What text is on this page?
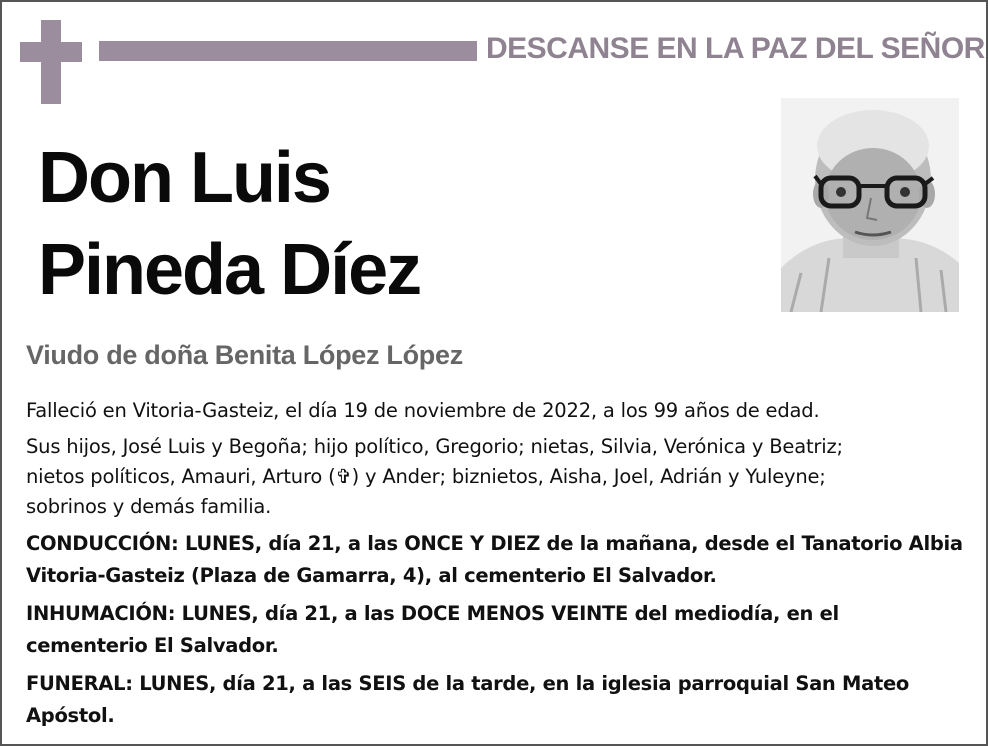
DESCANSE EN LA PAZ DEL SEÑOR
Don Luis
Pineda Díez
Viudo de doña Benita López López

Falleció en Vitoria-Gasteiz, el día 19 de noviembre de 2022, a los 99 años de edad.

Sus hijos, José Luis y Begoña; hijo político, Gregorio; nietas, Silvia, Verónica y Beatriz;
nietos políticos, Amauri, Arturo (✞) y Ander; biznietos, Aisha, Joel, Adrián y Yuleyne;
sobrinos y demás familia.

CONDUCCIÓN: LUNES, día 21, a las ONCE Y DIEZ de la mañana, desde el Tanatorio Albia Vitoria-Gasteiz (Plaza de Gamarra, 4), al cementerio El Salvador.

INHUMACIÓN: LUNES, día 21, a las DOCE MENOS VEINTE del mediodía, en el cementerio El Salvador.

FUNERAL: LUNES, día 21, a las SEIS de la tarde, en la iglesia parroquial San Mateo Apóstol.
